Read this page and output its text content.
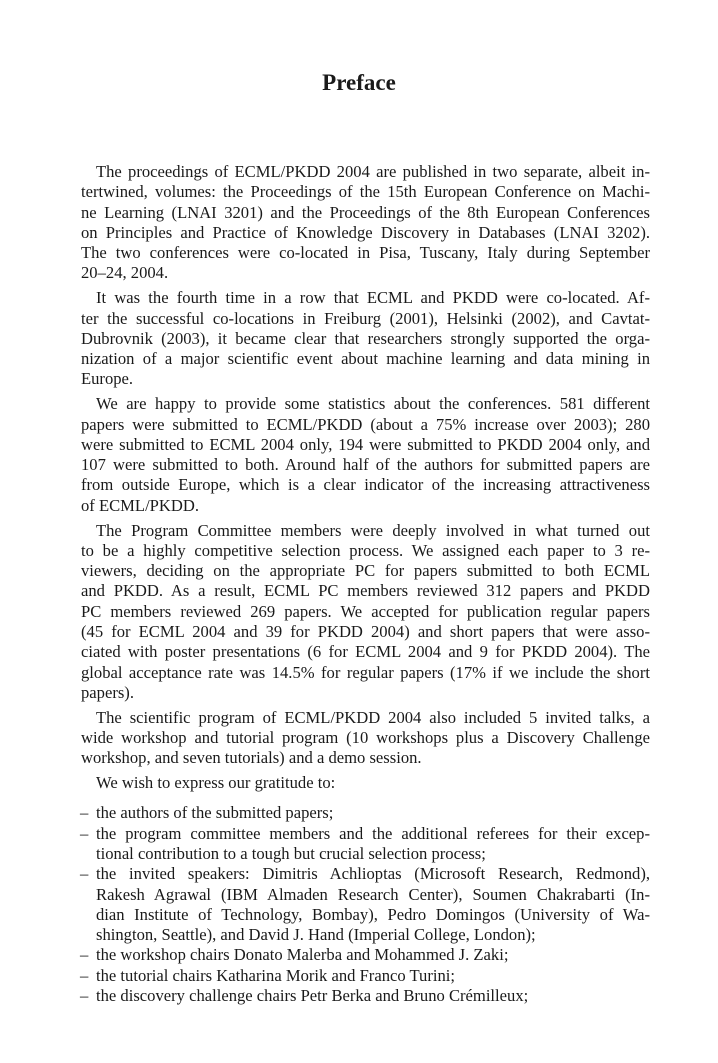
Preface
The proceedings of ECML/PKDD 2004 are published in two separate, albeit in-
tertwined, volumes: the Proceedings of the 15th European Conference on Machi-
ne Learning (LNAI 3201) and the Proceedings of the 8th European Conferences
on Principles and Practice of Knowledge Discovery in Databases (LNAI 3202).
The two conferences were co-located in Pisa, Tuscany, Italy during September
20–24, 2004.
It was the fourth time in a row that ECML and PKDD were co-located. Af-
ter the successful co-locations in Freiburg (2001), Helsinki (2002), and Cavtat-
Dubrovnik (2003), it became clear that researchers strongly supported the orga-
nization of a major scientific event about machine learning and data mining in
Europe.
We are happy to provide some statistics about the conferences. 581 different
papers were submitted to ECML/PKDD (about a 75% increase over 2003); 280
were submitted to ECML 2004 only, 194 were submitted to PKDD 2004 only, and
107 were submitted to both. Around half of the authors for submitted papers are
from outside Europe, which is a clear indicator of the increasing attractiveness
of ECML/PKDD.
The Program Committee members were deeply involved in what turned out
to be a highly competitive selection process. We assigned each paper to 3 re-
viewers, deciding on the appropriate PC for papers submitted to both ECML
and PKDD. As a result, ECML PC members reviewed 312 papers and PKDD
PC members reviewed 269 papers. We accepted for publication regular papers
(45 for ECML 2004 and 39 for PKDD 2004) and short papers that were asso-
ciated with poster presentations (6 for ECML 2004 and 9 for PKDD 2004). The
global acceptance rate was 14.5% for regular papers (17% if we include the short
papers).
The scientific program of ECML/PKDD 2004 also included 5 invited talks, a
wide workshop and tutorial program (10 workshops plus a Discovery Challenge
workshop, and seven tutorials) and a demo session.
We wish to express our gratitude to:
– the authors of the submitted papers;
– the program committee members and the additional referees for their excep-
tional contribution to a tough but crucial selection process;
– the invited speakers: Dimitris Achlioptas (Microsoft Research, Redmond),
Rakesh Agrawal (IBM Almaden Research Center), Soumen Chakrabarti (In-
dian Institute of Technology, Bombay), Pedro Domingos (University of Wa-
shington, Seattle), and David J. Hand (Imperial College, London);
– the workshop chairs Donato Malerba and Mohammed J. Zaki;
– the tutorial chairs Katharina Morik and Franco Turini;
– the discovery challenge chairs Petr Berka and Bruno Crémilleux;
